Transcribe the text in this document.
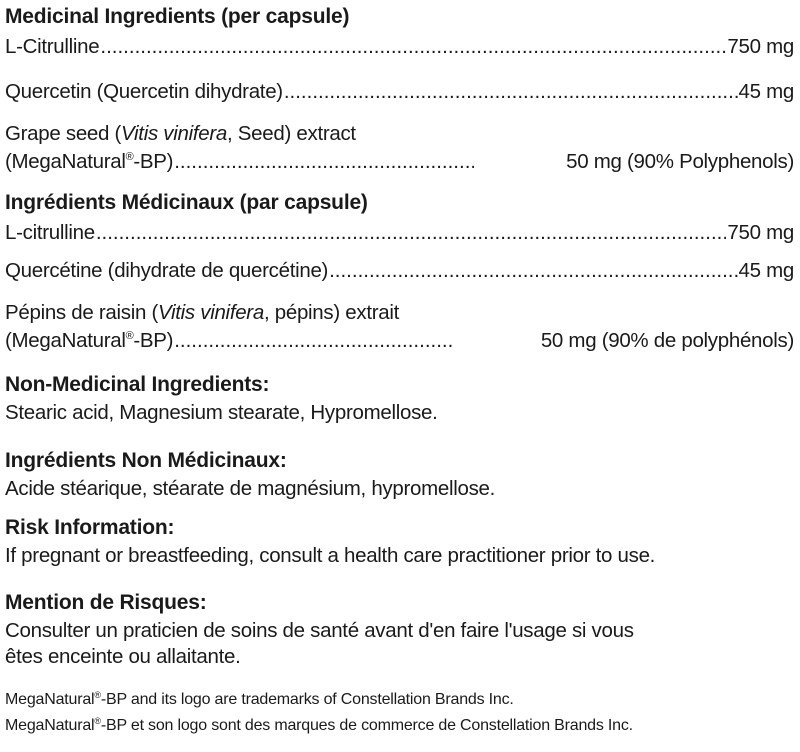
Medicinal Ingredients (per capsule)
L-Citrulline .....	750 mg
Quercetin (Quercetin dihydrate) .....	45 mg
Grape seed (Vitis vinifera, Seed) extract
(MegaNatural®-BP) .....	50 mg (90% Polyphenols)
Ingrédients Médicinaux (par capsule)
L-citrulline .....	750 mg
Quercétine (dihydrate de quercétine) .....	45 mg
Pépins de raisin (Vitis vinifera, pépins) extrait
(MegaNatural®-BP) .....	50 mg (90% de polyphénols)
Non-Medicinal Ingredients:
Stearic acid, Magnesium stearate, Hypromellose.
Ingrédients Non Médicinaux:
Acide stéarique, stéarate de magnésium, hypromellose.
Risk Information:
If pregnant or breastfeeding, consult a health care practitioner prior to use.
Mention de Risques:
Consulter un praticien de soins de santé avant d'en faire l'usage si vous
êtes enceinte ou allaitante.
MegaNatural®-BP and its logo are trademarks of Constellation Brands Inc.
MegaNatural®-BP et son logo sont des marques de commerce de Constellation Brands Inc.
